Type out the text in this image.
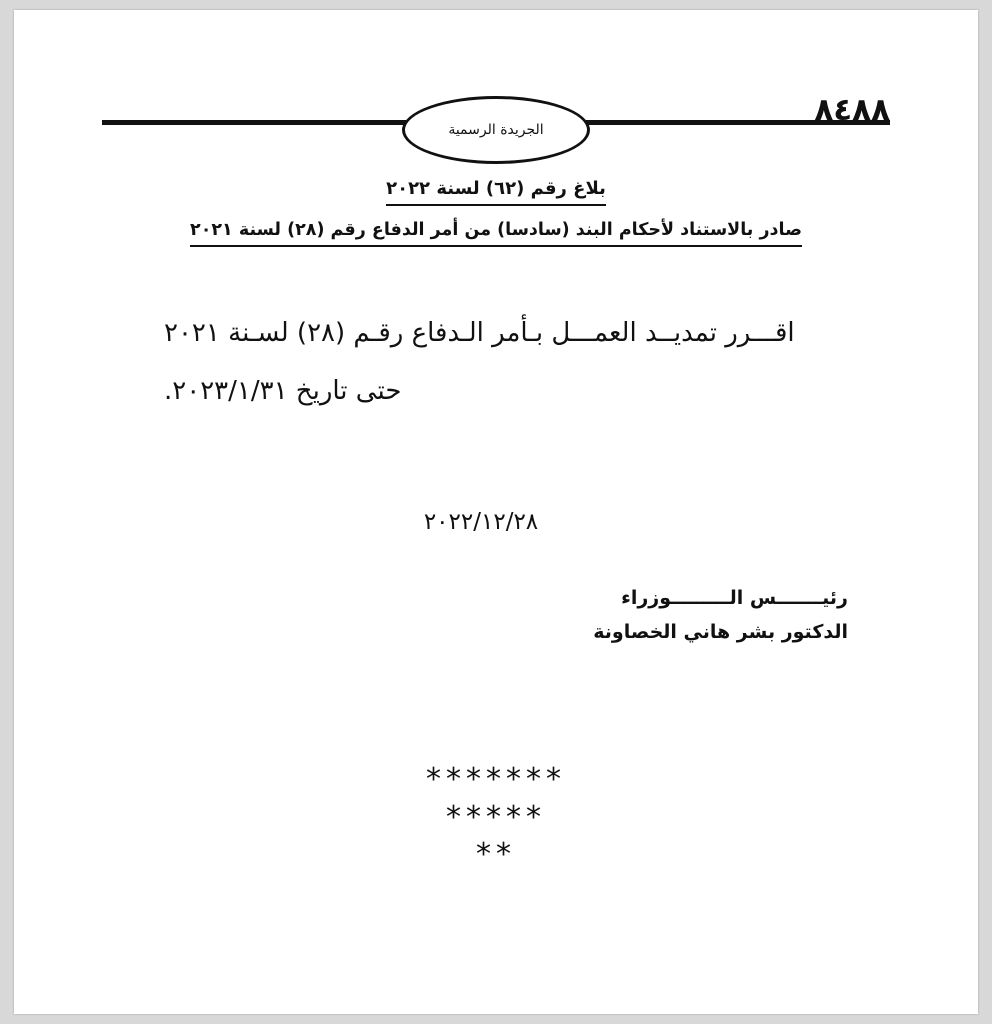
الجريدة الرسمية
٨٤٨٨
بلاغ رقم (٦٢) لسنة ٢٠٢٢
صادر بالاستناد لأحكام البند (سادسا) من أمر الدفاع رقم (٢٨) لسنة ٢٠٢١
اقـــرر تمديــد العمـــل بـأمر الـدفاع رقـم (٢٨) لسـنة ٢٠٢١
حتى تاريخ ٢٠٢٣/١/٣١.
٢٠٢٢/١٢/٢٨
رئيـــــــس الـــــــــوزراء
الدكتور بشر هاني الخصاونة
*******
*****
**
